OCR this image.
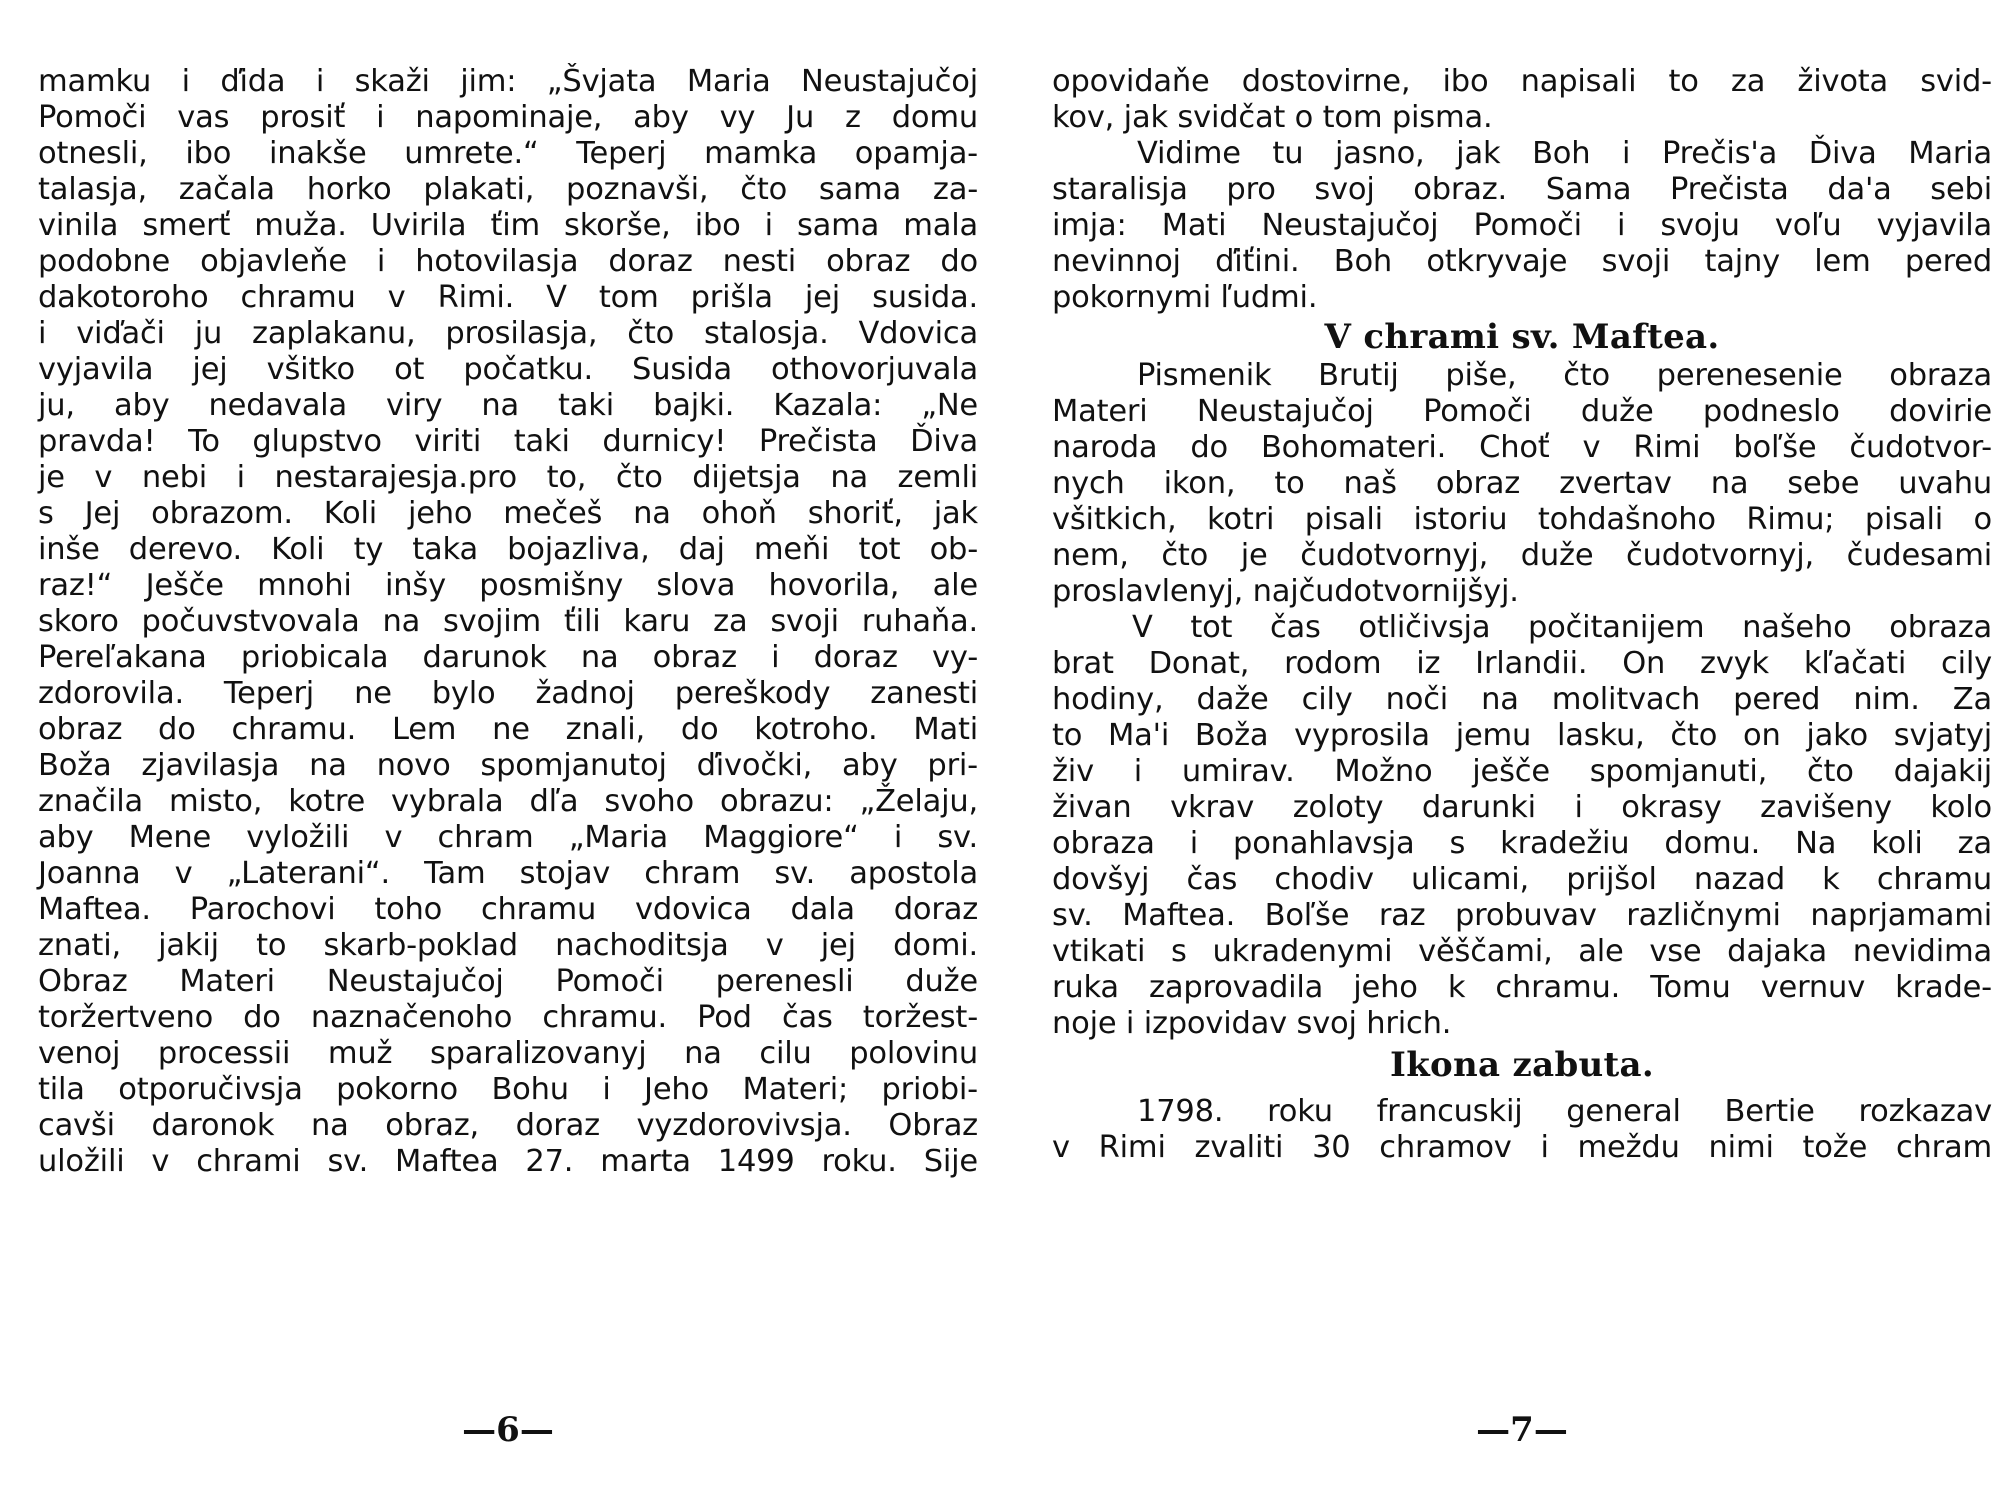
mamku i ďida i skaži jim: „Švjata Maria Neustajučoj
Pomoči vas prosiť i napominaje, aby vy Ju z domu
otnesli, ibo inakše umrete.“ Teperj mamka opamja-
talasja, začala horko plakati, poznavši, čto sama za-
vinila smerť muža. Uvirila ťim skorše, ibo i sama mala
podobne objavleňe i hotovilasja doraz nesti obraz do
dakotoroho chramu v Rimi. V tom prišla jej susida.
i viďači ju zaplakanu, prosilasja, čto stalosja. Vdovica
vyjavila jej všitko ot počatku. Susida othovorjuvala
ju, aby nedavala viry na taki bajki. Kazala: „Ne
pravda! To glupstvo viriti taki durnicy! Prečista Ďiva
je v nebi i nestarajesja.pro to, čto dijetsja na zemli
s Jej obrazom. Koli jeho mečeš na ohoň shoriť, jak
inše derevo. Koli ty taka bojazliva, daj meňi tot ob-
raz!“ Ješče mnohi inšy posmišny slova hovorila, ale
skoro počuvstvovala na svojim ťili karu za svoji ruhaňa.
Pereľakana priobicala darunok na obraz i doraz vy-
zdorovila. Teperj ne bylo žadnoj pereškody zanesti
obraz do chramu. Lem ne znali, do kotroho. Mati
Boža zjavilasja na novo spomjanutoj ďivočki, aby pri-
značila misto, kotre vybrala dľa svoho obrazu: „Želaju,
aby Mene vyložili v chram „Maria Maggiore“ i sv.
Joanna v „Laterani“. Tam stojav chram sv. apostola
Maftea. Parochovi toho chramu vdovica dala doraz
znati, jakij to skarb-poklad nachoditsja v jej domi.
Obraz Materi Neustajučoj Pomoči perenesli duže
toržertveno do naznačenoho chramu. Pod čas toržest-
venoj processii muž sparalizovanyj na cilu polovinu
tila otporučivsja pokorno Bohu i Jeho Materi; priobi-
cavši daronok na obraz, doraz vyzdorovivsja. Obraz
uložili v chrami sv. Maftea 27. marta 1499 roku. Sije
—6—
opovidaňe dostovirne, ibo napisali to za života svid-
kov, jak svidčat o tom pisma.
Vidime tu jasno, jak Boh i Prečis'a Ďiva Maria
staralisja pro svoj obraz. Sama Prečista da'a sebi
imja: Mati Neustajučoj Pomoči i svoju voľu vyjavila
nevinnoj ďiťini. Boh otkryvaje svoji tajny lem pered
pokornymi ľudmi.
V chrami sv. Maftea.
Pismenik Brutij piše, čto perenesenie obraza
Materi Neustajučoj Pomoči duže podneslo dovirie
naroda do Bohomateri. Choť v Rimi boľše čudotvor-
nych ikon, to naš obraz zvertav na sebe uvahu
všitkich, kotri pisali istoriu tohdašnoho Rimu; pisali o
nem, čto je čudotvornyj, duže čudotvornyj, čudesami
proslavlenyj, najčudotvornijšyj.
V tot čas otličivsja počitanijem našeho obraza
brat Donat, rodom iz Irlandii. On zvyk kľačati cily
hodiny, daže cily noči na molitvach pered nim. Za
to Ma'i Boža vyprosila jemu lasku, čto on jako svjatyj
živ i umirav. Možno ješče spomjanuti, čto dajakij
živan vkrav zoloty darunki i okrasy zavišeny kolo
obraza i ponahlavsja s kradežiu domu. Na koli za
dovšyj čas chodiv ulicami, prijšol nazad k chramu
sv. Maftea. Boľše raz probuvav različnymi naprjamami
vtikati s ukradenymi věščami, ale vse dajaka nevidima
ruka zaprovadila jeho k chramu. Tomu vernuv krade-
noje i izpovidav svoj hrich.
Ikona zabuta.
1798. roku francuskij general Bertie rozkazav
v Rimi zvaliti 30 chramov i meždu nimi tože chram
—7—
